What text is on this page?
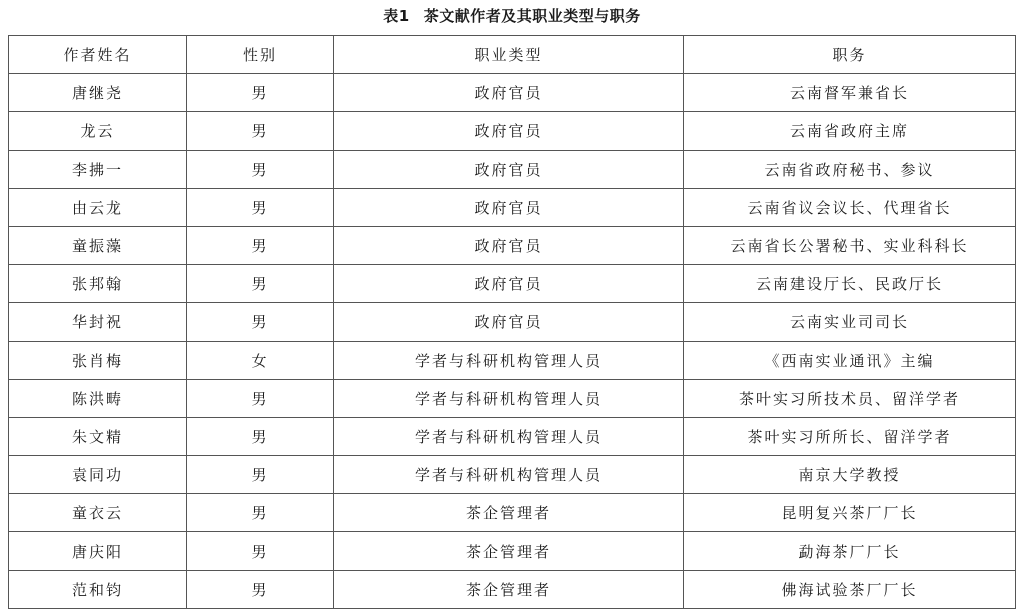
表1 茶文献作者及其职业类型与职务
作者姓名	性别	职业类型	职务
唐继尧	男	政府官员	云南督军兼省长
龙云	男	政府官员	云南省政府主席
李拂一	男	政府官员	云南省政府秘书、参议
由云龙	男	政府官员	云南省议会议长、代理省长
童振藻	男	政府官员	云南省长公署秘书、实业科科长
张邦翰	男	政府官员	云南建设厅长、民政厅长
华封祝	男	政府官员	云南实业司司长
张肖梅	女	学者与科研机构管理人员	《西南实业通讯》主编
陈洪畴	男	学者与科研机构管理人员	茶叶实习所技术员、留洋学者
朱文精	男	学者与科研机构管理人员	茶叶实习所所长、留洋学者
袁同功	男	学者与科研机构管理人员	南京大学教授
童衣云	男	茶企管理者	昆明复兴茶厂厂长
唐庆阳	男	茶企管理者	勐海茶厂厂长
范和钧	男	茶企管理者	佛海试验茶厂厂长
